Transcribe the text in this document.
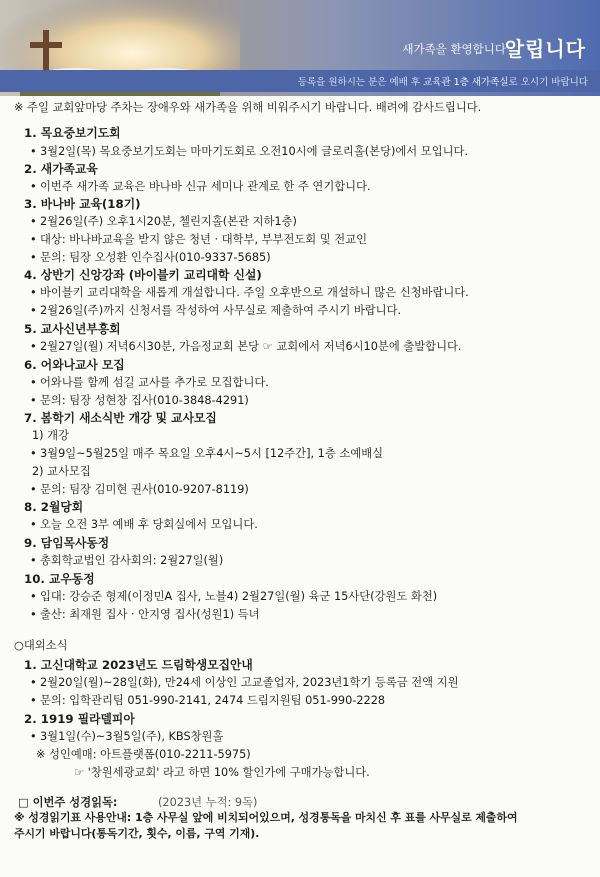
새가족을 환영합니다
알립니다
등록을 원하시는 분은 예배 후 교육관 1층 새가족실로 오시기 바랍니다
※ 주일 교회앞마당 주차는 장애우와 새가족을 위해 비워주시기 바랍니다. 배려에 감사드립니다.
1. 목요중보기도회
• 3월2일(목) 목요중보기도회는 마마기도회로 오전10시에 글로리홀(본당)에서 모입니다.
2. 새가족교육
• 이번주 새가족 교육은 바나바 신규 세미나 관계로 한 주 연기합니다.
3. 바나바 교육(18기)
• 2월26일(주) 오후1시20분, 첼린지홀(본관 지하1층)
• 대상: 바나바교육을 받지 않은 청년 · 대학부, 부부전도회 및 전교인
• 문의: 팀장 오성환 인수집사(010-9337-5685)
4. 상반기 신앙강좌 (바이블키 교리대학 신설)
• 바이블키 교리대학을 새롭게 개설합니다. 주일 오후반으로 개설하니 많은 신청바랍니다.
• 2월26일(주)까지 신청서를 작성하여 사무실로 제출하여 주시기 바랍니다.
5. 교사신년부흥회
• 2월27일(월) 저녁6시30분, 가음정교회 본당 ☞ 교회에서 저녁6시10분에 출발합니다.
6. 어와나교사 모집
• 어와나를 함께 섬길 교사를 추가로 모집합니다.
• 문의: 팀장 성현창 집사(010-3848-4291)
7. 봄학기 새소식반 개강 및 교사모집
1) 개강
• 3월9일~5월25일 매주 목요일 오후4시~5시 [12주간], 1층 소예배실
2) 교사모집
• 문의: 팀장 김미현 권사(010-9207-8119)
8. 2월당회
• 오늘 오전 3부 예배 후 당회실에서 모입니다.
9. 담임목사동정
• 총회학교법인 감사회의: 2월27일(월)
10. 교우동정
• 입대: 강승준 형제(이정민A 집사, 노블4) 2월27일(월) 육군 15사단(강원도 화천)
• 출산: 최재원 집사 · 안지영 집사(성원1) 득녀
○대외소식
1. 고신대학교 2023년도 드림학생모집안내
• 2월20일(월)~28일(화), 만24세 이상인 고교졸업자, 2023년1학기 등록금 전액 지원
• 문의: 입학관리팀 051-990-2141, 2474 드림지원팀 051-990-2228
2. 1919 필라델피아
• 3월1일(수)~3월5일(주), KBS창원홀
※ 성인예매: 아트플랫폼(010-2211-5975)
☞ '창원세광교회' 라고 하면 10% 할인가에 구매가능합니다.
□ 이번주 성경읽독:	(2023년 누적: 9독)
※ 성경읽기표 사용안내: 1층 사무실 앞에 비치되어있으며, 성경통독을 마치신 후 표를 사무실로 제출하여
주시기 바랍니다(통독기간, 횟수, 이름, 구역 기재).
